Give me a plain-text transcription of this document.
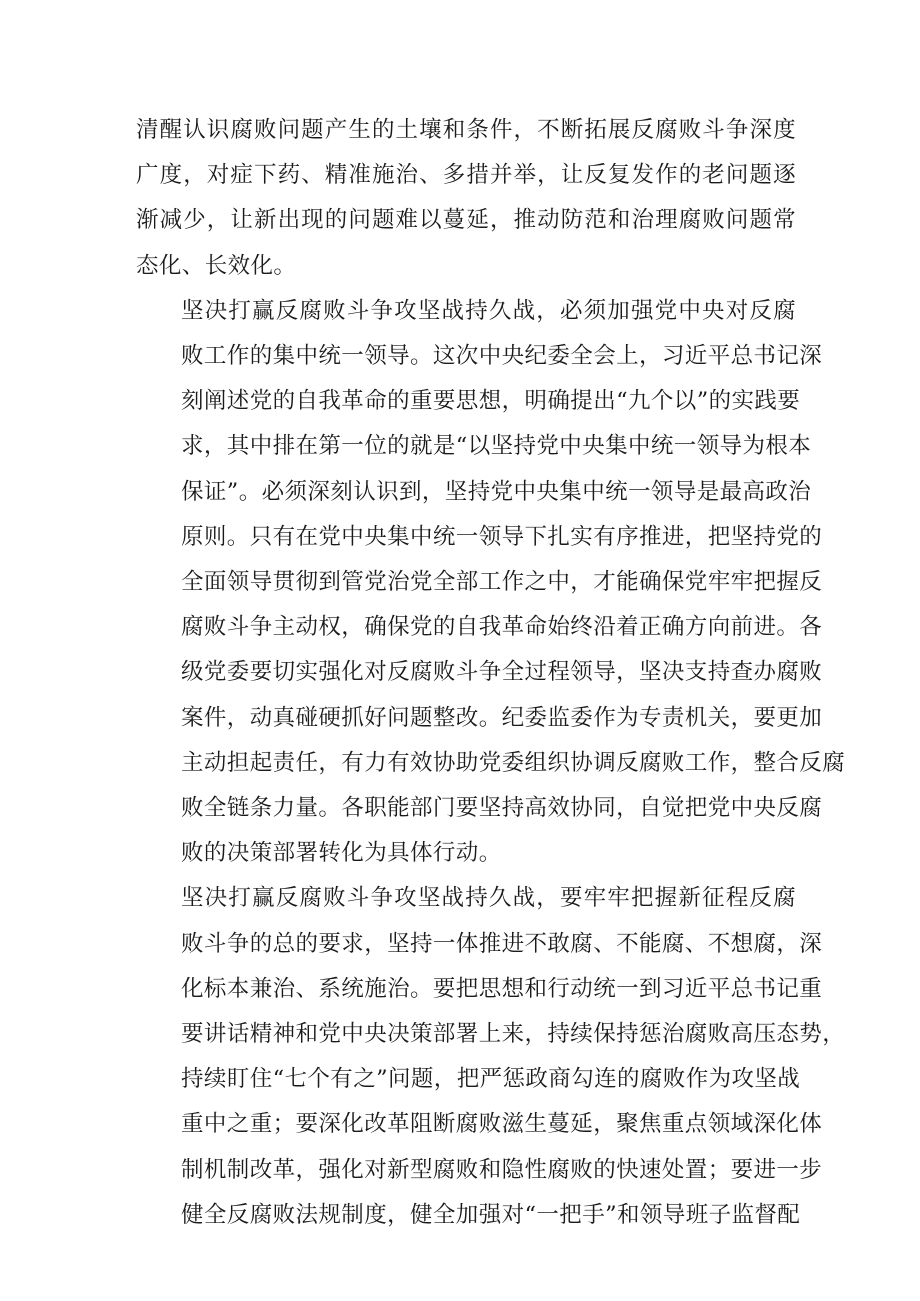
清醒认识腐败问题产生的土壤和条件，不断拓展反腐败斗争深度
广度，对症下药、精准施治、多措并举，让反复发作的老问题逐
渐减少，让新出现的问题难以蔓延，推动防范和治理腐败问题常
态化、长效化。
坚决打赢反腐败斗争攻坚战持久战，必须加强党中央对反腐
败工作的集中统一领导。这次中央纪委全会上，习近平总书记深
刻阐述党的自我革命的重要思想，明确提出“九个以”的实践要
求，其中排在第一位的就是“以坚持党中央集中统一领导为根本
保证”。必须深刻认识到，坚持党中央集中统一领导是最高政治
原则。只有在党中央集中统一领导下扎实有序推进，把坚持党的
全面领导贯彻到管党治党全部工作之中，才能确保党牢牢把握反
腐败斗争主动权，确保党的自我革命始终沿着正确方向前进。各
级党委要切实强化对反腐败斗争全过程领导，坚决支持查办腐败
案件，动真碰硬抓好问题整改。纪委监委作为专责机关，要更加
主动担起责任，有力有效协助党委组织协调反腐败工作，整合反腐
败全链条力量。各职能部门要坚持高效协同，自觉把党中央反腐
败的决策部署转化为具体行动。
坚决打赢反腐败斗争攻坚战持久战，要牢牢把握新征程反腐
败斗争的总的要求，坚持一体推进不敢腐、不能腐、不想腐，深
化标本兼治、系统施治。要把思想和行动统一到习近平总书记重
要讲话精神和党中央决策部署上来，持续保持惩治腐败高压态势，
持续盯住“七个有之”问题，把严惩政商勾连的腐败作为攻坚战
重中之重；要深化改革阻断腐败滋生蔓延，聚焦重点领域深化体
制机制改革，强化对新型腐败和隐性腐败的快速处置；要进一步
健全反腐败法规制度，健全加强对“一把手”和领导班子监督配
